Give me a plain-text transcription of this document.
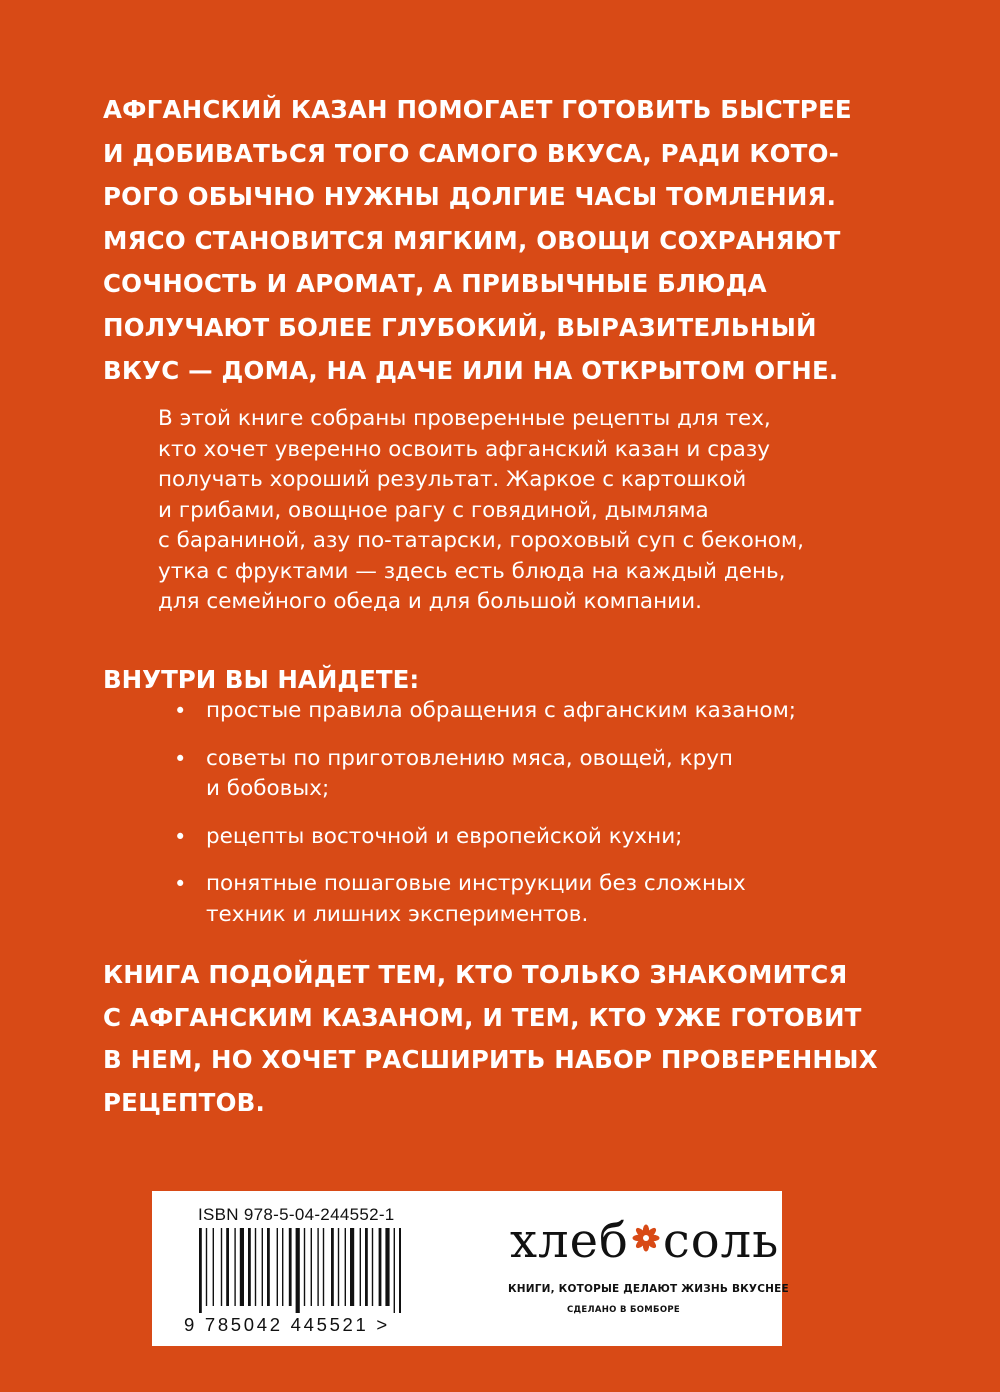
АФГАНСКИЙ КАЗАН ПОМОГАЕТ ГОТОВИТЬ БЫСТРЕЕ
И ДОБИВАТЬСЯ ТОГО САМОГО ВКУСА, РАДИ КОТО-
РОГО ОБЫЧНО НУЖНЫ ДОЛГИЕ ЧАСЫ ТОМЛЕНИЯ.
МЯСО СТАНОВИТСЯ МЯГКИМ, ОВОЩИ СОХРАНЯЮТ
СОЧНОСТЬ И АРОМАТ, А ПРИВЫЧНЫЕ БЛЮДА
ПОЛУЧАЮТ БОЛЕЕ ГЛУБОКИЙ, ВЫРАЗИТЕЛЬНЫЙ
ВКУС — ДОМА, НА ДАЧЕ ИЛИ НА ОТКРЫТОМ ОГНЕ.
В этой книге собраны проверенные рецепты для тех,
кто хочет уверенно освоить афганский казан и сразу
получать хороший результат. Жаркое с картошкой
и грибами, овощное рагу с говядиной, дымляма
с бараниной, азу по-татарски, гороховый суп с беконом,
утка с фруктами — здесь есть блюда на каждый день,
для семейного обеда и для большой компании.
ВНУТРИ ВЫ НАЙДЕТЕ:
• простые правила обращения с афганским казаном;
• советы по приготовлению мяса, овощей, круп
и бобовых;
• рецепты восточной и европейской кухни;
• понятные пошаговые инструкции без сложных
техник и лишних экспериментов.
КНИГА ПОДОЙДЕТ ТЕМ, КТО ТОЛЬКО ЗНАКОМИТСЯ
С АФГАНСКИМ КАЗАНОМ, И ТЕМ, КТО УЖЕ ГОТОВИТ
В НЕМ, НО ХОЧЕТ РАСШИРИТЬ НАБОР ПРОВЕРЕННЫХ
РЕЦЕПТОВ.
ISBN 978-5-04-244552-1
9 785042 445521 >
хлеб соль
КНИГИ, КОТОРЫЕ ДЕЛАЮТ ЖИЗНЬ ВКУСНЕЕ
СДЕЛАНО В БОМБОРЕ
